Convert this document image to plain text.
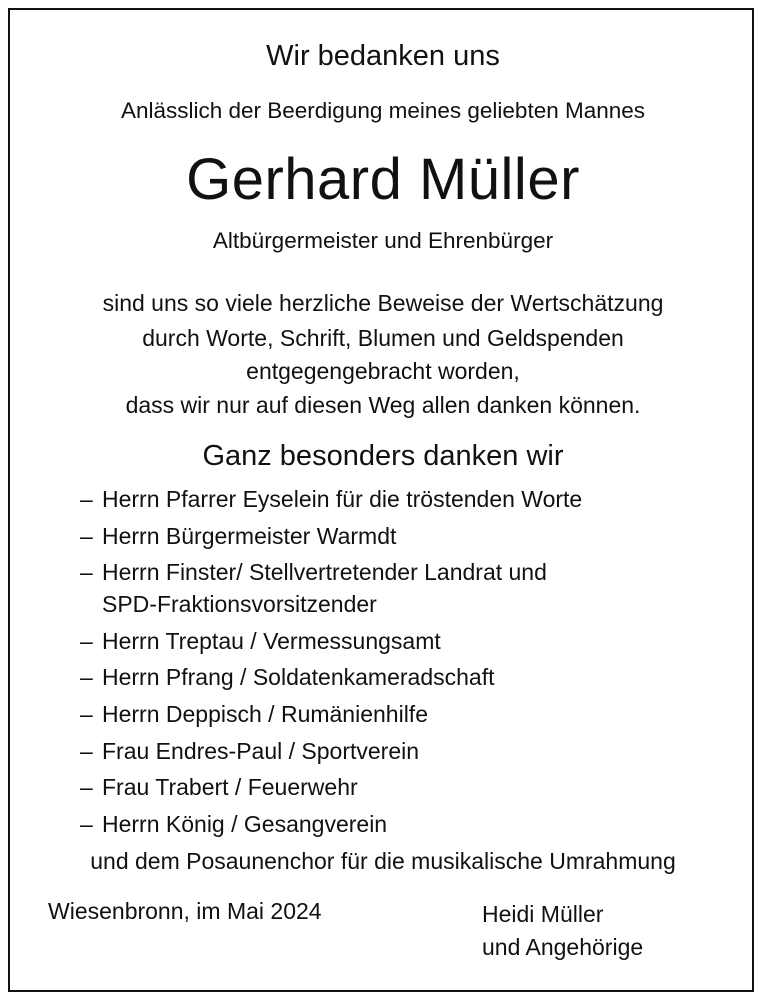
Wir bedanken uns
Anlässlich der Beerdigung meines geliebten Mannes
Gerhard Müller
Altbürgermeister und Ehrenbürger
sind uns so viele herzliche Beweise der Wertschätzung
durch Worte, Schrift, Blumen und Geldspenden
entgegengebracht worden,
dass wir nur auf diesen Weg allen danken können.
Ganz besonders danken wir
– Herrn Pfarrer Eyselein für die tröstenden Worte
– Herrn Bürgermeister Warmdt
– Herrn Finster/ Stellvertretender Landrat und
SPD-Fraktionsvorsitzender
– Herrn Treptau / Vermessungsamt
– Herrn Pfrang / Soldatenkameradschaft
– Herrn Deppisch / Rumänienhilfe
– Frau Endres-Paul / Sportverein
– Frau Trabert / Feuerwehr
– Herrn König / Gesangverein
und dem Posaunenchor für die musikalische Umrahmung
Wiesenbronn, im Mai 2024	Heidi Müller
und Angehörige
